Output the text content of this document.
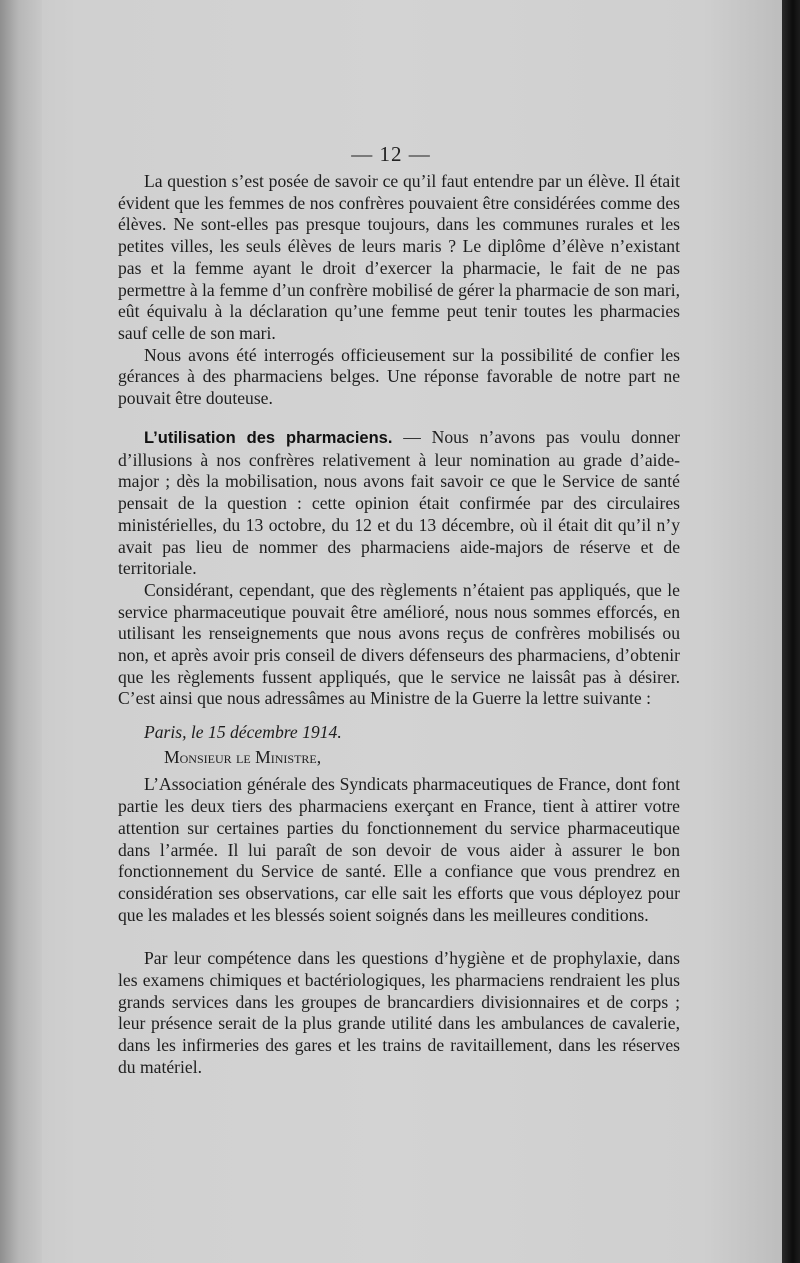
— 12 —

La question s’est posée de savoir ce qu’il faut entendre par un élève. Il était évident que les femmes de nos confrères pouvaient être considérées comme des élèves. Ne sont-elles pas presque toujours, dans les communes rurales et les petites villes, les seuls élèves de leurs maris ? Le diplôme d’élève n’existant pas et la femme ayant le droit d’exercer la pharmacie, le fait de ne pas permettre à la femme d’un confrère mobilisé de gérer la pharmacie de son mari, eût équivalu à la déclaration qu’une femme peut tenir toutes les pharmacies sauf celle de son mari.

Nous avons été interrogés officieusement sur la possibilité de confier les gérances à des pharmaciens belges. Une réponse favorable de notre part ne pouvait être douteuse.

L’utilisation des pharmaciens. — Nous n’avons pas voulu donner d’illusions à nos confrères relativement à leur nomination au grade d’aide-major ; dès la mobilisation, nous avons fait savoir ce que le Service de santé pensait de la question : cette opinion était confirmée par des circulaires ministérielles, du 13 octobre, du 12 et du 13 décembre, où il était dit qu’il n’y avait pas lieu de nommer des pharmaciens aide-majors de réserve et de territoriale.

Considérant, cependant, que des règlements n’étaient pas appliqués, que le service pharmaceutique pouvait être amélioré, nous nous sommes efforcés, en utilisant les renseignements que nous avons reçus de confrères mobilisés ou non, et après avoir pris conseil de divers défenseurs des pharmaciens, d’obtenir que les règlements fussent appliqués, que le service ne laissât pas à désirer. C’est ainsi que nous adressâmes au Ministre de la Guerre la lettre suivante :

Paris, le 15 décembre 1914.

Monsieur le Ministre,

L’Association générale des Syndicats pharmaceutiques de France, dont font partie les deux tiers des pharmaciens exerçant en France, tient à attirer votre attention sur certaines parties du fonctionnement du service pharmaceutique dans l’armée. Il lui paraît de son devoir de vous aider à assurer le bon fonctionnement du Service de santé. Elle a confiance que vous prendrez en considération ses observations, car elle sait les efforts que vous déployez pour que les malades et les blessés soient soignés dans les meilleures conditions.

Par leur compétence dans les questions d’hygiène et de prophylaxie, dans les examens chimiques et bactériologiques, les pharmaciens rendraient les plus grands services dans les groupes de brancardiers divisionnaires et de corps ; leur présence serait de la plus grande utilité dans les ambulances de cavalerie, dans les infirmeries des gares et les trains de ravitaillement, dans les réserves du matériel.
